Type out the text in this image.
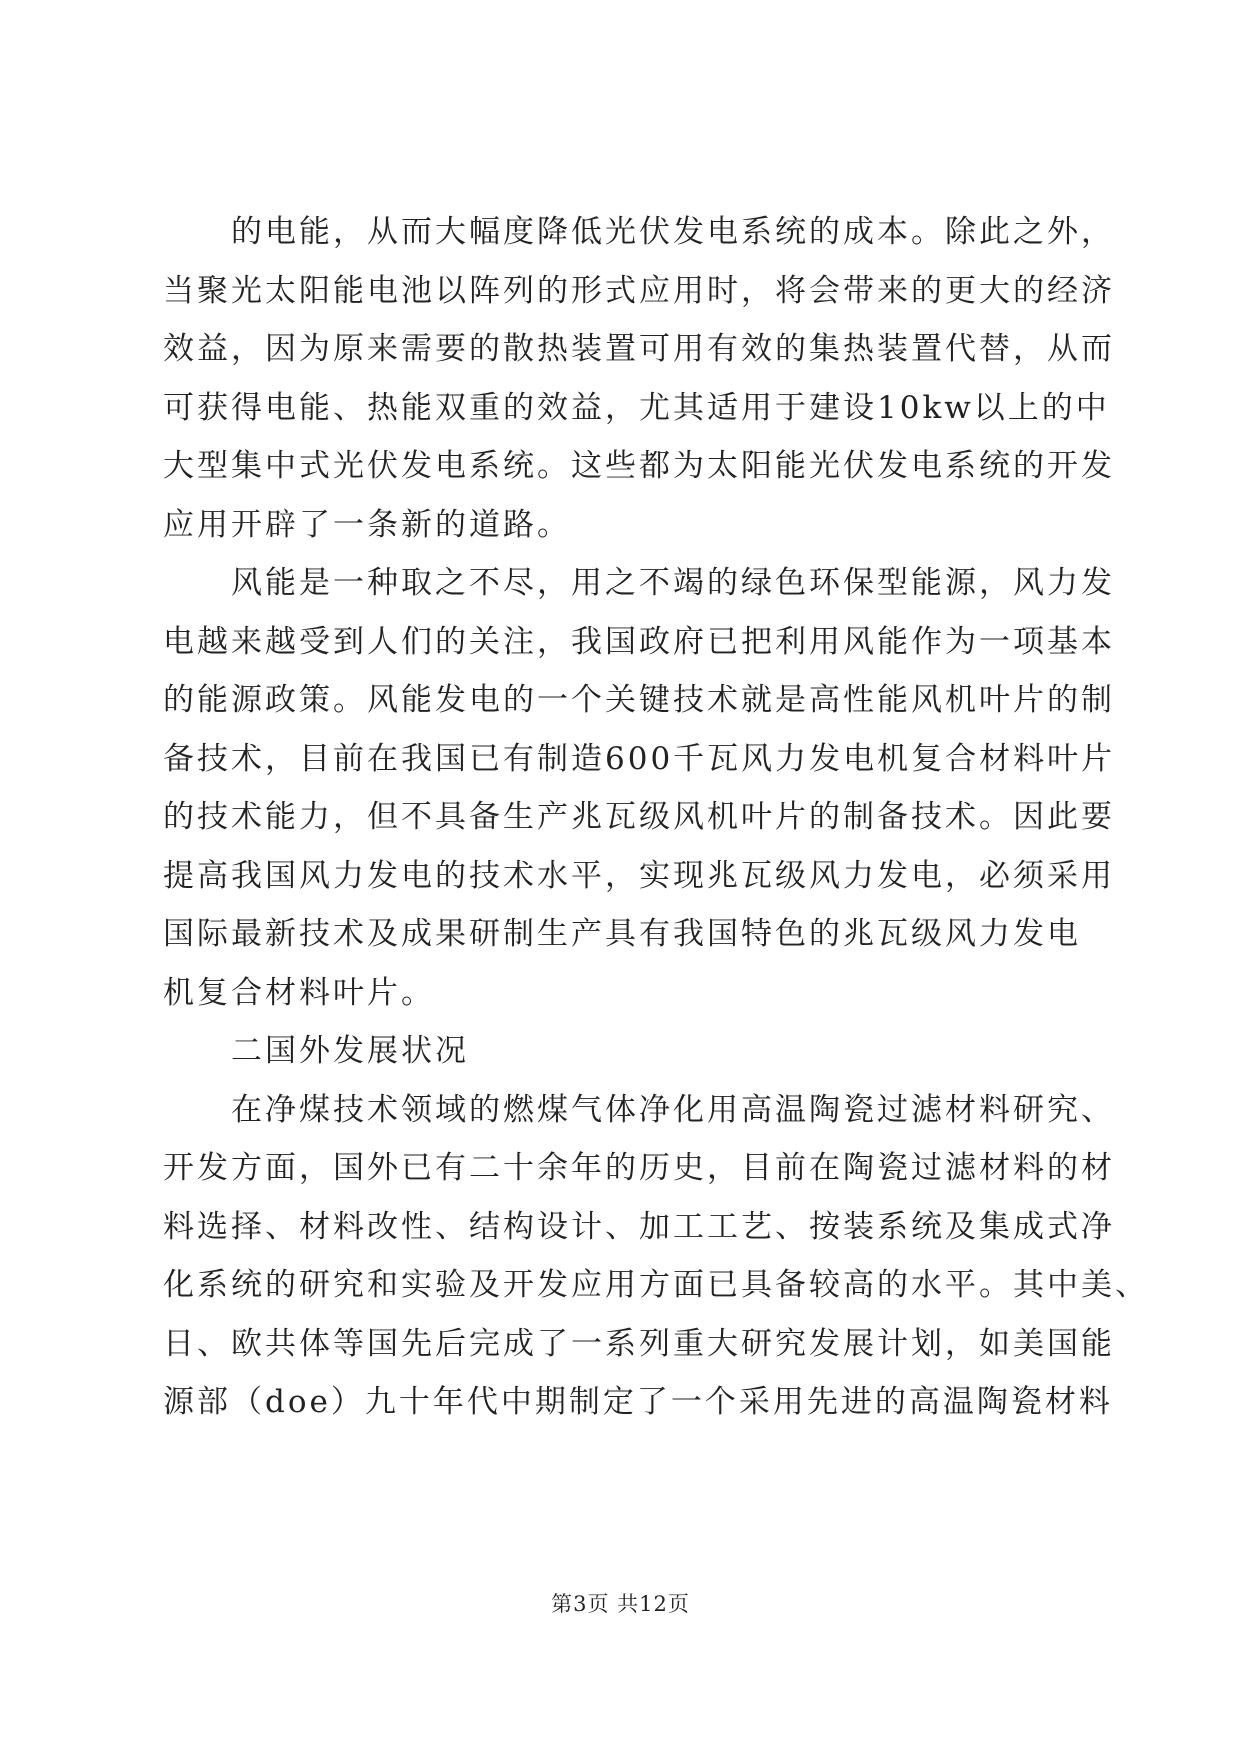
的电能，从而大幅度降低光伏发电系统的成本。除此之外，
当聚光太阳能电池以阵列的形式应用时，将会带来的更大的经济
效益，因为原来需要的散热装置可用有效的集热装置代替，从而
可获得电能、热能双重的效益，尤其适用于建设10kw以上的中
大型集中式光伏发电系统。这些都为太阳能光伏发电系统的开发
应用开辟了一条新的道路。
风能是一种取之不尽，用之不竭的绿色环保型能源，风力发
电越来越受到人们的关注，我国政府已把利用风能作为一项基本
的能源政策。风能发电的一个关键技术就是高性能风机叶片的制
备技术，目前在我国已有制造600千瓦风力发电机复合材料叶片
的技术能力，但不具备生产兆瓦级风机叶片的制备技术。因此要
提高我国风力发电的技术水平，实现兆瓦级风力发电，必须采用
国际最新技术及成果研制生产具有我国特色的兆瓦级风力发电
机复合材料叶片。
二国外发展状况
在净煤技术领域的燃煤气体净化用高温陶瓷过滤材料研究、
开发方面，国外已有二十余年的历史，目前在陶瓷过滤材料的材
料选择、材料改性、结构设计、加工工艺、按装系统及集成式净
化系统的研究和实验及开发应用方面已具备较高的水平。其中美、
日、欧共体等国先后完成了一系列重大研究发展计划，如美国能
源部（doe）九十年代中期制定了一个采用先进的高温陶瓷材料
第3页 共12页
